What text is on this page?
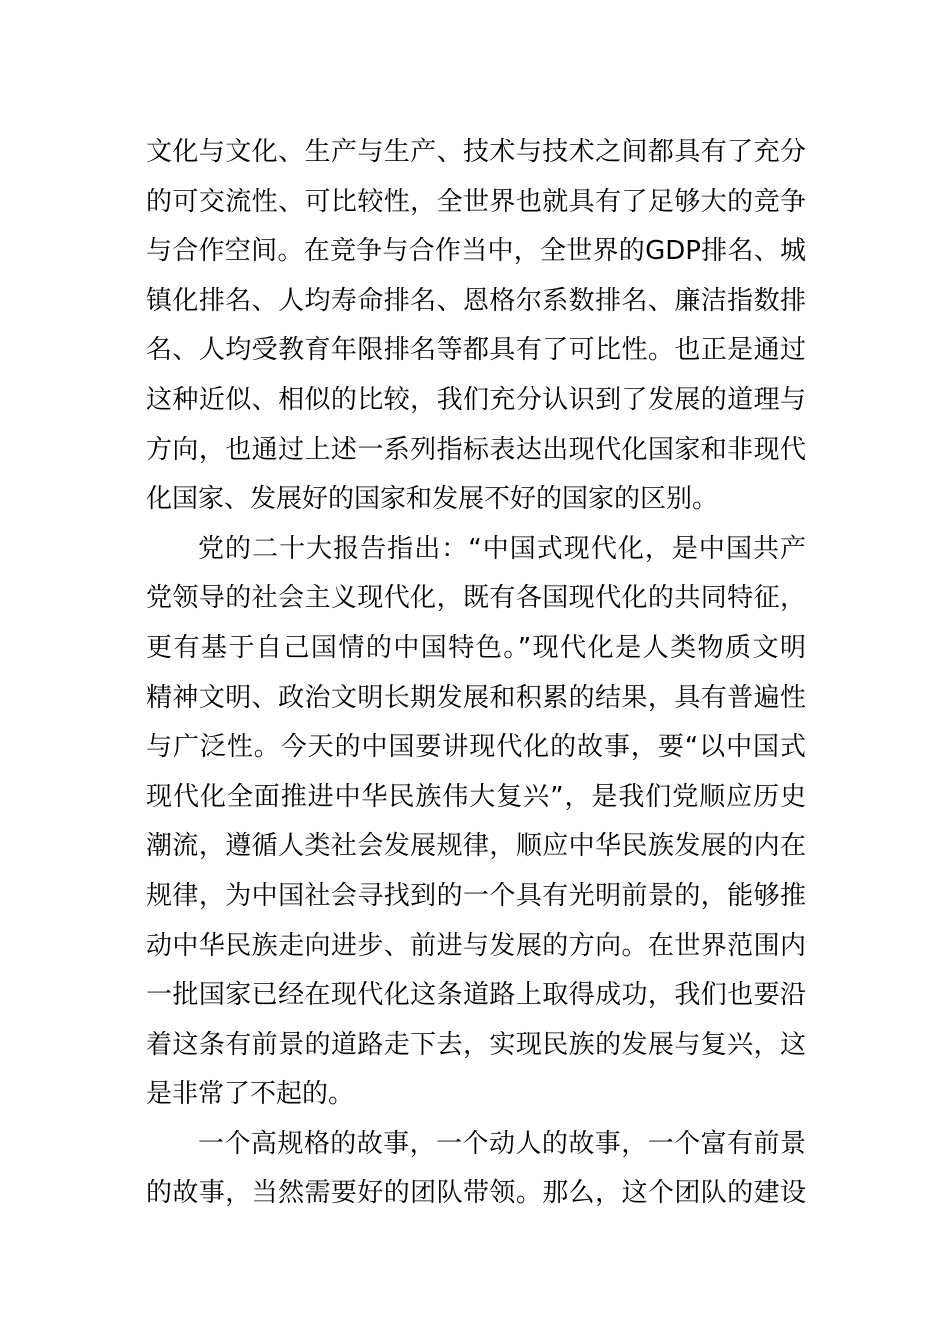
文化与文化、生产与生产、技术与技术之间都具有了充分
的可交流性、可比较性，全世界也就具有了足够大的竞争
与合作空间。在竞争与合作当中，全世界的GDP排名、城
镇化排名、人均寿命排名、恩格尔系数排名、廉洁指数排
名、人均受教育年限排名等都具有了可比性。也正是通过
这种近似、相似的比较，我们充分认识到了发展的道理与
方向，也通过上述一系列指标表达出现代化国家和非现代
化国家、发展好的国家和发展不好的国家的区别。
党的二十大报告指出：“中国式现代化，是中国共产
党领导的社会主义现代化，既有各国现代化的共同特征，
更有基于自己国情的中国特色。”现代化是人类物质文明
精神文明、政治文明长期发展和积累的结果，具有普遍性
与广泛性。今天的中国要讲现代化的故事，要“以中国式
现代化全面推进中华民族伟大复兴”，是我们党顺应历史
潮流，遵循人类社会发展规律，顺应中华民族发展的内在
规律，为中国社会寻找到的一个具有光明前景的，能够推
动中华民族走向进步、前进与发展的方向。在世界范围内
一批国家已经在现代化这条道路上取得成功，我们也要沿
着这条有前景的道路走下去，实现民族的发展与复兴，这
是非常了不起的。
一个高规格的故事，一个动人的故事，一个富有前景
的故事，当然需要好的团队带领。那么，这个团队的建设
